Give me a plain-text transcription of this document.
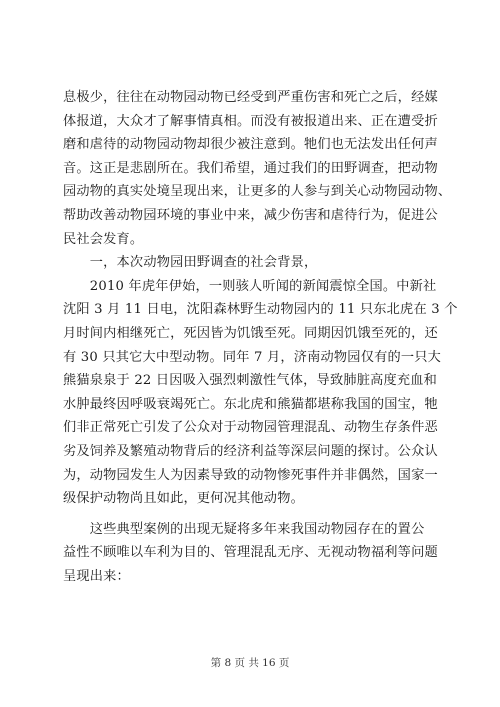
息极少，往往在动物园动物已经受到严重伤害和死亡之后，经媒
体报道，大众才了解事情真相。而没有被报道出来、正在遭受折
磨和虐待的动物园动物却很少被注意到。牠们也无法发出任何声
音。这正是悲剧所在。我们希望，通过我们的田野调查，把动物
园动物的真实处境呈现出来，让更多的人参与到关心动物园动物、
帮助改善动物园环境的事业中来，减少伤害和虐待行为，促进公
民社会发育。
　　一，本次动物园田野调查的社会背景，
　　2010 年虎年伊始，一则骇人听闻的新闻震惊全国。中新社
沈阳 3 月 11 日电，沈阳森林野生动物园内的 11 只东北虎在 3 个
月时间内相继死亡，死因皆为饥饿至死。同期因饥饿至死的，还
有 30 只其它大中型动物。同年 7 月，济南动物园仅有的一只大
熊猫泉泉于 22 日因吸入强烈刺激性气体，导致肺脏高度充血和
水肿最终因呼吸衰竭死亡。东北虎和熊猫都堪称我国的国宝，牠
们非正常死亡引发了公众对于动物园管理混乱、动物生存条件恶
劣及饲养及繁殖动物背后的经济利益等深层问题的探讨。公众认
为，动物园发生人为因素导致的动物惨死事件并非偶然，国家一
级保护动物尚且如此，更何况其他动物。
　　这些典型案例的出现无疑将多年来我国动物园存在的置公
益性不顾唯以车利为目的、管理混乱无序、无视动物福利等问题
呈现出来：
第 8 页 共 16 页
